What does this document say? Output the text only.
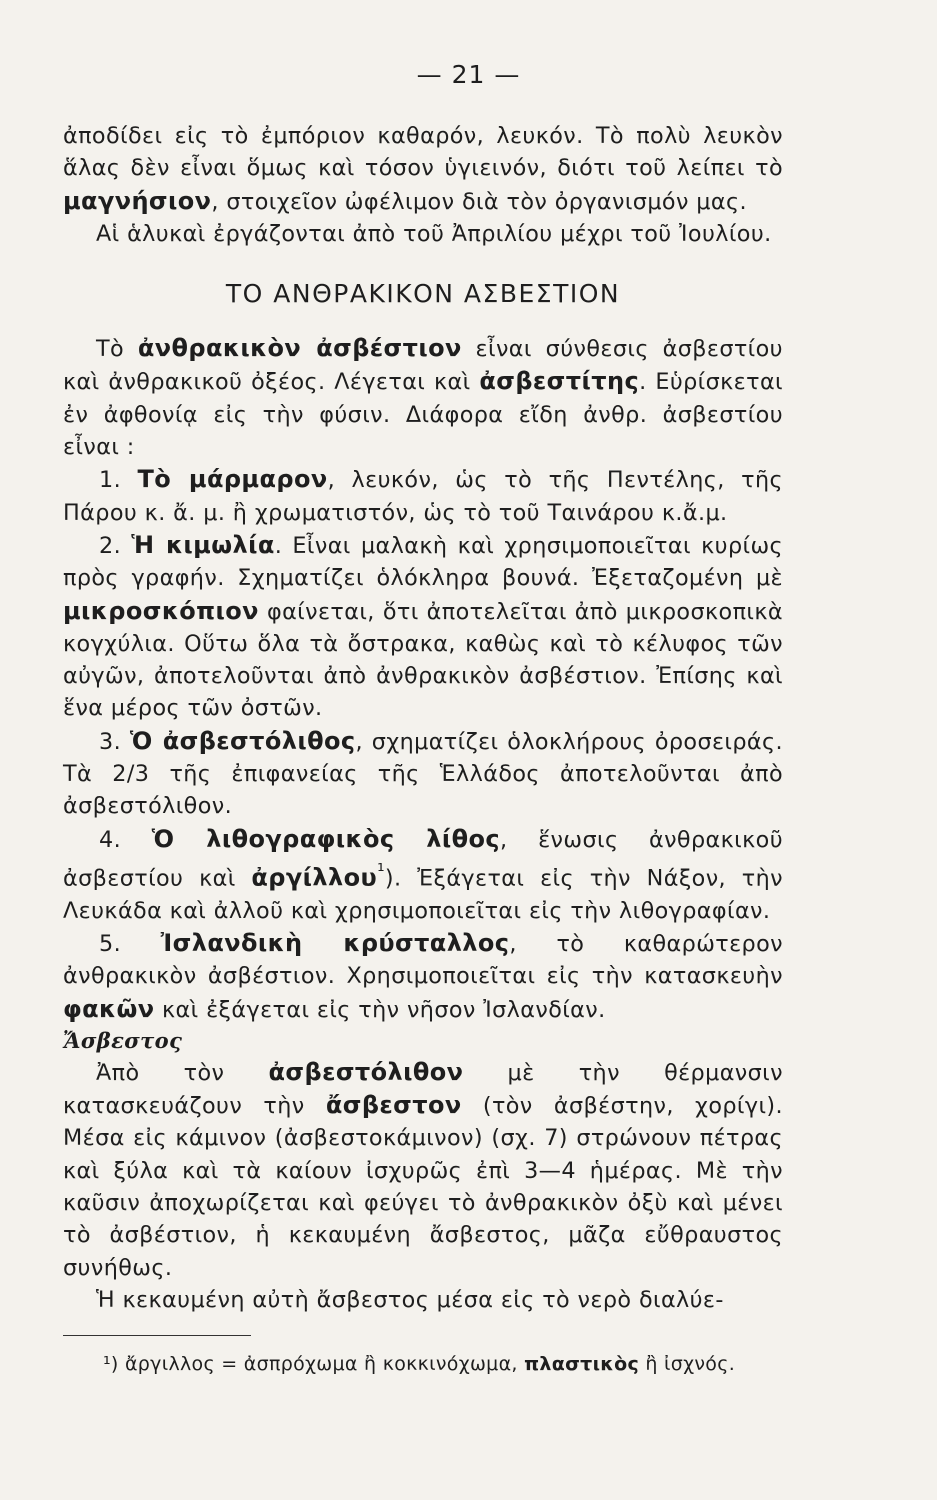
— 21 —

ἀποδίδει εἰς τὸ ἐμπόριον καθαρόν, λευκόν. Τὸ πολὺ λευκὸν ἅλας δὲν εἶναι ὅμως καὶ τόσον ὑγιεινόν, διότι τοῦ λείπει τὸ μαγνήσιον, στοιχεῖον ὠφέλιμον διὰ τὸν ὀργανισμόν μας.

Αἱ ἁλυκαὶ ἐργάζονται ἀπὸ τοῦ Ἀπριλίου μέχρι τοῦ Ἰουλίου.

ΤΟ ΑΝΘΡΑΚΙΚΟΝ ΑΣΒΕΣΤΙΟΝ

Τὸ ἀνθρακικὸν ἀσβέστιον εἶναι σύνθεσις ἀσβεστίου καὶ ἀνθρακικοῦ ὀξέος. Λέγεται καὶ ἀσβεστίτης. Εὑρίσκεται ἐν ἀφθονίᾳ εἰς τὴν φύσιν. Διάφορα εἴδη ἀνθρ. ἀσβεστίου εἶναι :

1. Τὸ μάρμαρον, λευκόν, ὡς τὸ τῆς Πεντέλης, τῆς Πάρου κ. ἄ. μ. ἢ χρωματιστόν, ὡς τὸ τοῦ Ταινάρου κ.ἄ.μ.

2. Ἡ κιμωλία. Εἶναι μαλακὴ καὶ χρησιμοποιεῖται κυρίως πρὸς γραφήν. Σχηματίζει ὁλόκληρα βουνά. Ἐξεταζομένη μὲ μικροσκόπιον φαίνεται, ὅτι ἀποτελεῖται ἀπὸ μικροσκοπικὰ κογχύλια. Οὕτω ὅλα τὰ ὄστρακα, καθὼς καὶ τὸ κέλυφος τῶν αὐγῶν, ἀποτελοῦνται ἀπὸ ἀνθρακικὸν ἀσβέστιον. Ἐπίσης καὶ ἕνα μέρος τῶν ὀστῶν.

3. Ὁ ἀσβεστόλιθος, σχηματίζει ὁλοκλήρους ὀροσειράς. Τὰ 2/3 τῆς ἐπιφανείας τῆς Ἑλλάδος ἀποτελοῦνται ἀπὸ ἀσβεστόλιθον.

4. Ὁ λιθογραφικὸς λίθος, ἕνωσις ἀνθρακικοῦ ἀσβεστίου καὶ ἀργίλλου$^{^1}$). Ἐξάγεται εἰς τὴν Νάξον, τὴν Λευκάδα καὶ ἀλλοῦ καὶ χρησιμοποιεῖται εἰς τὴν λιθογραφίαν.

5. Ἰσλανδικὴ κρύσταλλος, τὸ καθαρώτερον ἀνθρακικὸν ἀσβέστιον. Χρησιμοποιεῖται εἰς τὴν κατασκευὴν φακῶν καὶ ἐξάγεται εἰς τὴν νῆσον Ἰσλανδίαν.

Ἄσβεστος

Ἀπὸ τὸν ἀσβεστόλιθον μὲ τὴν θέρμανσιν κατασκευάζουν τὴν ἄσβεστον (τὸν ἀσβέστην, χορίγι). Μέσα εἰς κάμινον (ἀσβεστοκάμινον) (σχ. 7) στρώνουν πέτρας καὶ ξύλα καὶ τὰ καίουν ἰσχυρῶς ἐπὶ 3—4 ἡμέρας. Μὲ τὴν καῦσιν ἀποχωρίζεται καὶ φεύγει τὸ ἀνθρακικὸν ὀξὺ καὶ μένει τὸ ἀσβέστιον, ἡ κεκαυμένη ἄσβεστος, μᾶζα εὔθραυστος συνήθως.

Ἡ κεκαυμένη αὐτὴ ἄσβεστος μέσα εἰς τὸ νερὸ διαλύε-

¹) ἄργιλλος = ἀσπρόχωμα ἢ κοκκινόχωμα, πλαστικὸς ἢ ἰσχνός.
